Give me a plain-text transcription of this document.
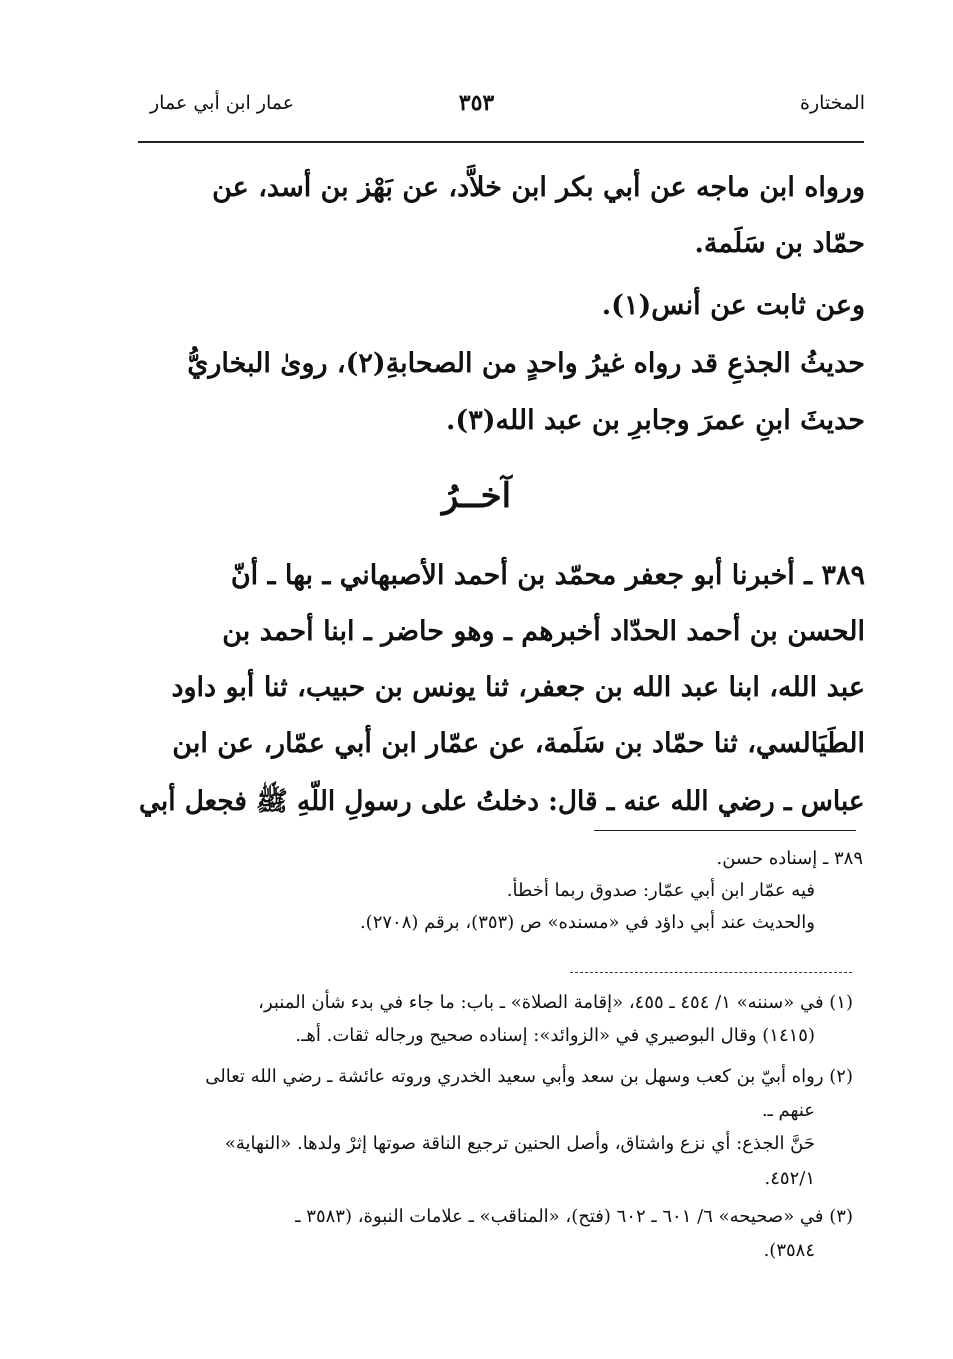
عمار ابن أبي عمار	٣٥٣	المختارة
ورواه ابن ماجه عن أبي بكر ابن خلاَّد، عن بَهْز بن أسد، عن
حمّاد بن سَلَمة.
وعن ثابت عن أنس(١).
حديثُ الجذعِ قد رواه غيرُ واحدٍ من الصحابةِ(٢)، روىٰ البخاريُّ
حديثَ ابنِ عمرَ وجابرِ بن عبد الله(٣).
آخــرُ
٣٨٩ ـ أخبرنا أبو جعفر محمّد بن أحمد الأصبهاني ـ بها ـ أنّ
الحسن بن أحمد الحدّاد أخبرهم ـ وهو حاضر ـ ابنا أحمد بن
عبد الله، ابنا عبد الله بن جعفر، ثنا يونس بن حبيب، ثنا أبو داود
الطَيَالسي، ثنا حمّاد بن سَلَمة، عن عمّار ابن أبي عمّار، عن ابن
عباس ـ رضي الله عنه ـ قال: دخلتُ على رسولِ اللّهِ ﷺ فجعل أبي
٣٨٩ ـ إسناده حسن.
فيه عمّار ابن أبي عمّار: صدوق ربما أخطأ.
والحديث عند أبي داؤد في «مسنده» ص (٣٥٣)، برقم (٢٧٠٨).
(١) في «سننه» ١/ ٤٥٤ ـ ٤٥٥، «إقامة الصلاة» ـ باب: ما جاء في بدء شأن المنبر،
(١٤١٥) وقال البوصيري في «الزوائد»: إسناده صحيح ورجاله ثقات. أهـ.
(٢) رواه أبيّ بن كعب وسهل بن سعد وأبي سعيد الخدري وروته عائشة ـ رضي الله تعالى
عنهم ـ.
حَنَّ الجذع: أي نزع واشتاق، وأصل الحنين ترجيع الناقة صوتها إثرْ ولدها. «النهاية»
٤٥٢/١.
(٣) في «صحيحه» ٦/ ٦٠١ ـ ٦٠٢ (فتح)، «المناقب» ـ علامات النبوة، (٣٥٨٣ ـ
٣٥٨٤).
